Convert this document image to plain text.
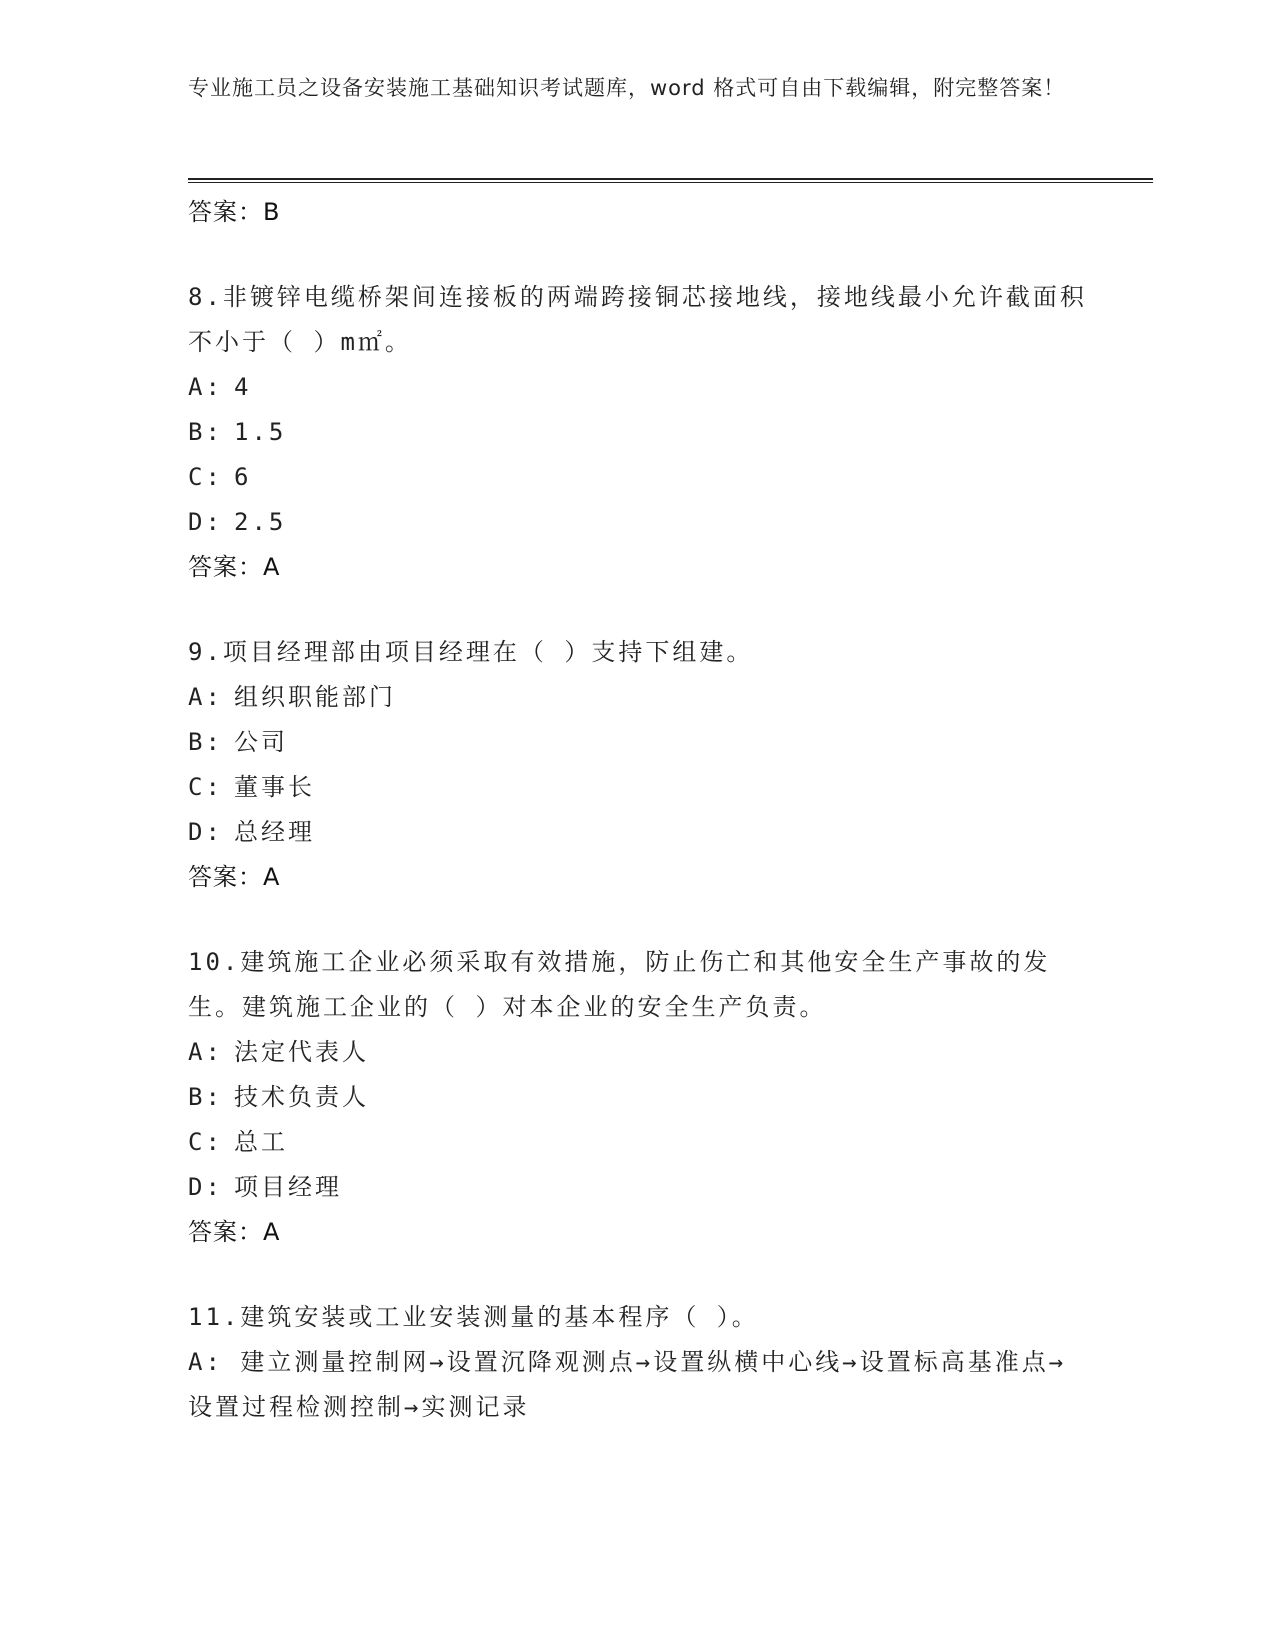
专业施工员之设备安装施工基础知识考试题库，word 格式可自由下载编辑，附完整答案！
答案：B

8.非镀锌电缆桥架间连接板的两端跨接铜芯接地线，接地线最小允许截面积不小于（ ）m㎡。

A: 4
B: 1.5
C: 6
D: 2.5
答案：A

9.项目经理部由项目经理在（ ）支持下组建。

A: 组织职能部门
B: 公司
C: 董事长
D: 总经理
答案：A

10.建筑施工企业必须采取有效措施，防止伤亡和其他安全生产事故的发生。建筑施工企业的（ ）对本企业的安全生产负责。

A: 法定代表人
B: 技术负责人
C: 总工
D: 项目经理
答案：A

11.建筑安装或工业安装测量的基本程序（ ）。

A: 建立测量控制网→设置沉降观测点→设置纵横中心线→设置标高基准点→设置过程检测控制→实测记录
